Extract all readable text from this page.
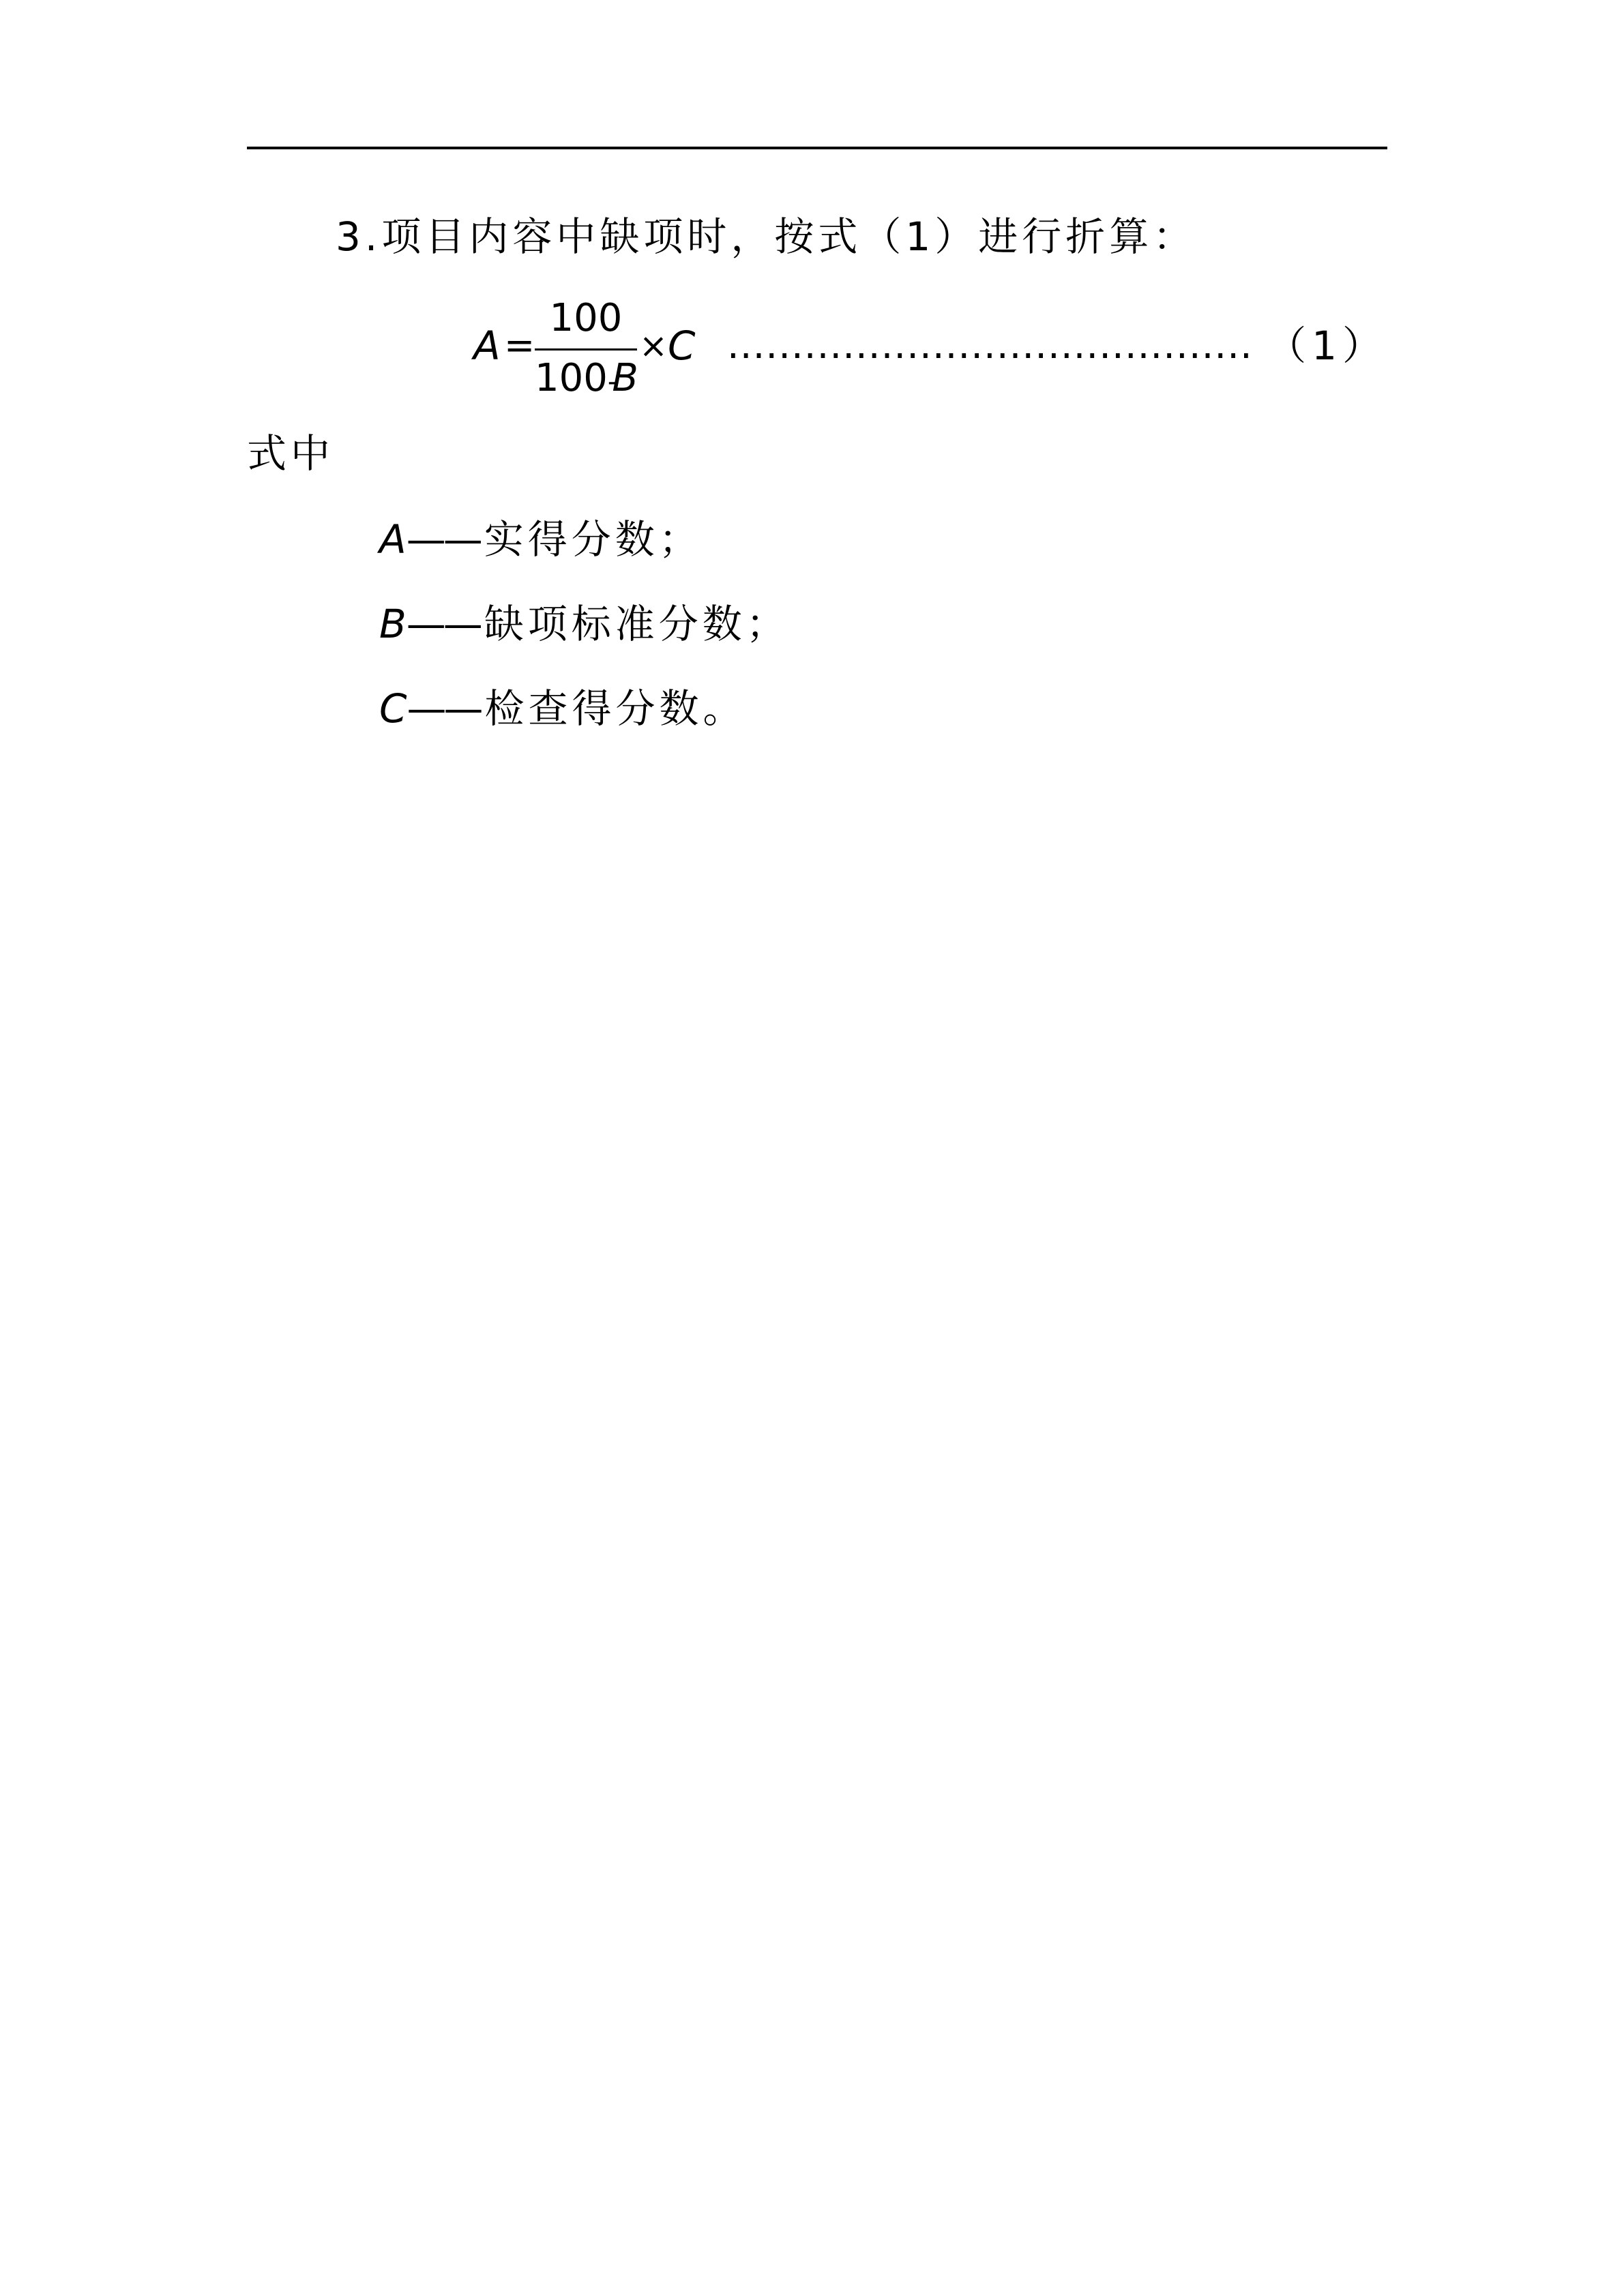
3.项目内容中缺项时，按式（1）进行折算：
A =
100
100-B
× C ......................................... （1）
式中
A—— 实得分数；
B—— 缺项标准分数；
C—— 检查得分数。
